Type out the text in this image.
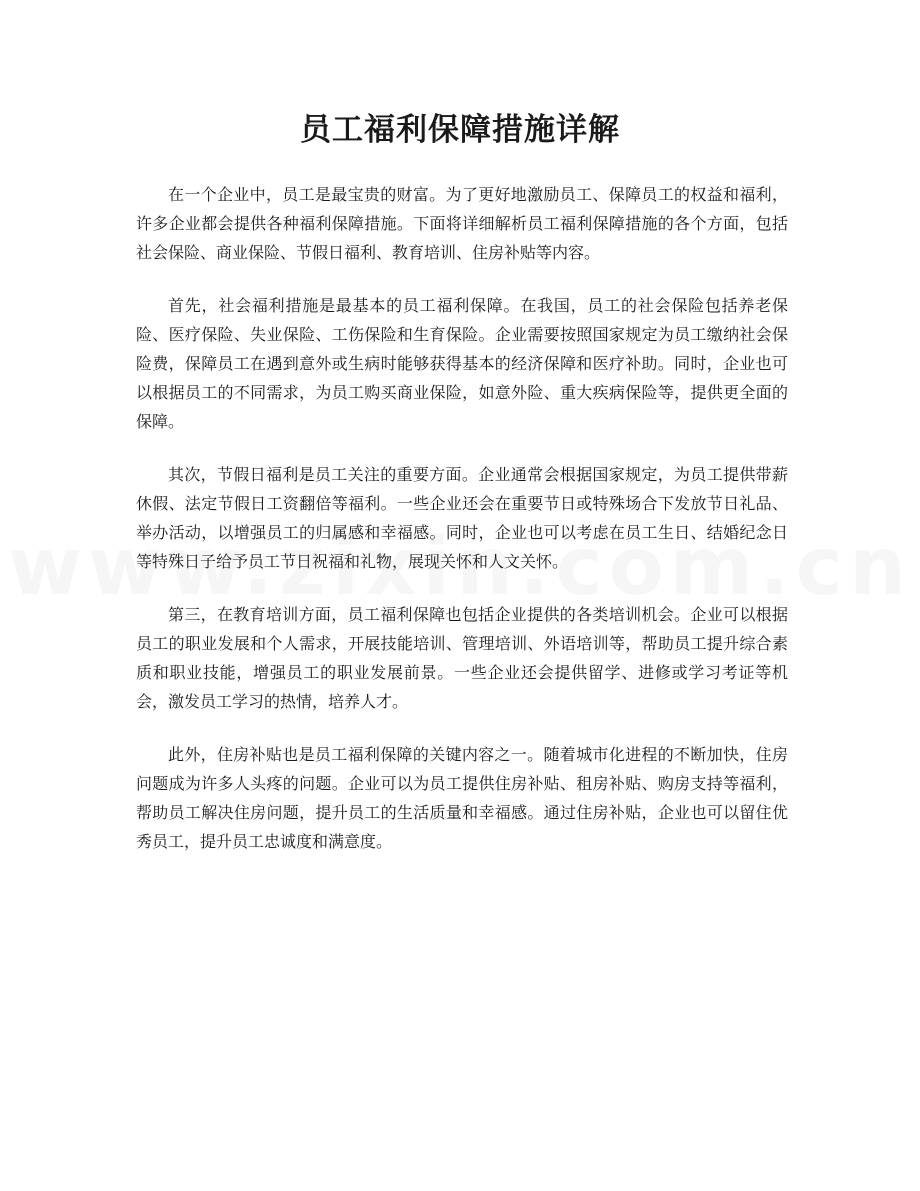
员工福利保障措施详解

在一个企业中，员工是最宝贵的财富。为了更好地激励员工、保障员工的权益和福利，许多企业都会提供各种福利保障措施。下面将详细解析员工福利保障措施的各个方面，包括社会保险、商业保险、节假日福利、教育培训、住房补贴等内容。

首先，社会福利措施是最基本的员工福利保障。在我国，员工的社会保险包括养老保险、医疗保险、失业保险、工伤保险和生育保险。企业需要按照国家规定为员工缴纳社会保险费，保障员工在遇到意外或生病时能够获得基本的经济保障和医疗补助。同时，企业也可以根据员工的不同需求，为员工购买商业保险，如意外险、重大疾病保险等，提供更全面的保障。

其次，节假日福利是员工关注的重要方面。企业通常会根据国家规定，为员工提供带薪休假、法定节假日工资翻倍等福利。一些企业还会在重要节日或特殊场合下发放节日礼品、举办活动，以增强员工的归属感和幸福感。同时，企业也可以考虑在员工生日、结婚纪念日等特殊日子给予员工节日祝福和礼物，展现关怀和人文关怀。

第三，在教育培训方面，员工福利保障也包括企业提供的各类培训机会。企业可以根据员工的职业发展和个人需求，开展技能培训、管理培训、外语培训等，帮助员工提升综合素质和职业技能，增强员工的职业发展前景。一些企业还会提供留学、进修或学习考证等机会，激发员工学习的热情，培养人才。

此外，住房补贴也是员工福利保障的关键内容之一。随着城市化进程的不断加快，住房问题成为许多人头疼的问题。企业可以为员工提供住房补贴、租房补贴、购房支持等福利，帮助员工解决住房问题，提升员工的生活质量和幸福感。通过住房补贴，企业也可以留住优秀员工，提升员工忠诚度和满意度。
